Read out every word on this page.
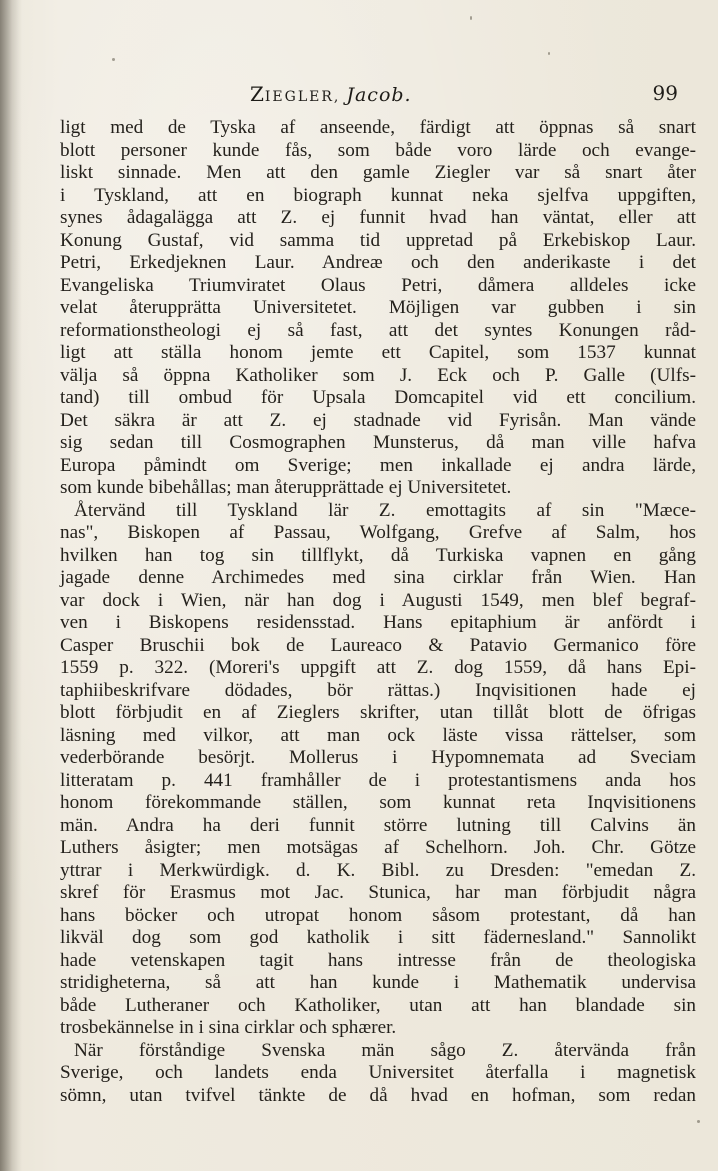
ZIEGLER, Jacob.	99
ligt med de Tyska af anseende, färdigt att öppnas så snart
blott personer kunde fås, som både voro lärde och evange-
liskt sinnade. Men att den gamle Ziegler var så snart åter
i Tyskland, att en biograph kunnat neka sjelfva uppgiften,
synes ådagalägga att Z. ej funnit hvad han väntat, eller att
Konung Gustaf, vid samma tid uppretad på Erkebiskop Laur.
Petri, Erkedjeknen Laur. Andreæ och den anderikaste i det
Evangeliska Triumviratet Olaus Petri, dåmera alldeles icke
velat återupprätta Universitetet. Möjligen var gubben i sin
reformationstheologi ej så fast, att det syntes Konungen råd-
ligt att ställa honom jemte ett Capitel, som 1537 kunnat
välja så öppna Katholiker som J. Eck och P. Galle (Ulfs-
tand) till ombud för Upsala Domcapitel vid ett concilium.
Det säkra är att Z. ej stadnade vid Fyrisån. Man vände
sig sedan till Cosmographen Munsterus, då man ville hafva
Europa påmindt om Sverige; men inkallade ej andra lärde,
som kunde bibehållas; man återupprättade ej Universitetet.
Återvänd till Tyskland lär Z. emottagits af sin "Mæce-
nas", Biskopen af Passau, Wolfgang, Grefve af Salm, hos
hvilken han tog sin tillflykt, då Turkiska vapnen en gång
jagade denne Archimedes med sina cirklar från Wien. Han
var dock i Wien, när han dog i Augusti 1549, men blef begraf-
ven i Biskopens residensstad. Hans epitaphium är anfördt i
Casper Bruschii bok de Laureaco & Patavio Germanico före
1559 p. 322. (Moreri's uppgift att Z. dog 1559, då hans Epi-
taphiibeskrifvare dödades, bör rättas.) Inqvisitionen hade ej
blott förbjudit en af Zieglers skrifter, utan tillåt blott de öfrigas
läsning med vilkor, att man ock läste vissa rättelser, som
vederbörande besörjt. Mollerus i Hypomnemata ad Sveciam
litteratam p. 441 framhåller de i protestantismens anda hos
honom förekommande ställen, som kunnat reta Inqvisitionens
män. Andra ha deri funnit större lutning till Calvins än
Luthers åsigter; men motsägas af Schelhorn. Joh. Chr. Götze
yttrar i Merkwürdigk. d. K. Bibl. zu Dresden: "emedan Z.
skref för Erasmus mot Jac. Stunica, har man förbjudit några
hans böcker och utropat honom såsom protestant, då han
likväl dog som god katholik i sitt fädernesland." Sannolikt
hade vetenskapen tagit hans intresse från de theologiska
stridigheterna, så att han kunde i Mathematik undervisa
både Lutheraner och Katholiker, utan att han blandade sin
trosbekännelse in i sina cirklar och sphærer.
När förståndige Svenska män sågo Z. återvända från
Sverige, och landets enda Universitet återfalla i magnetisk
sömn, utan tvifvel tänkte de då hvad en hofman, som redan
